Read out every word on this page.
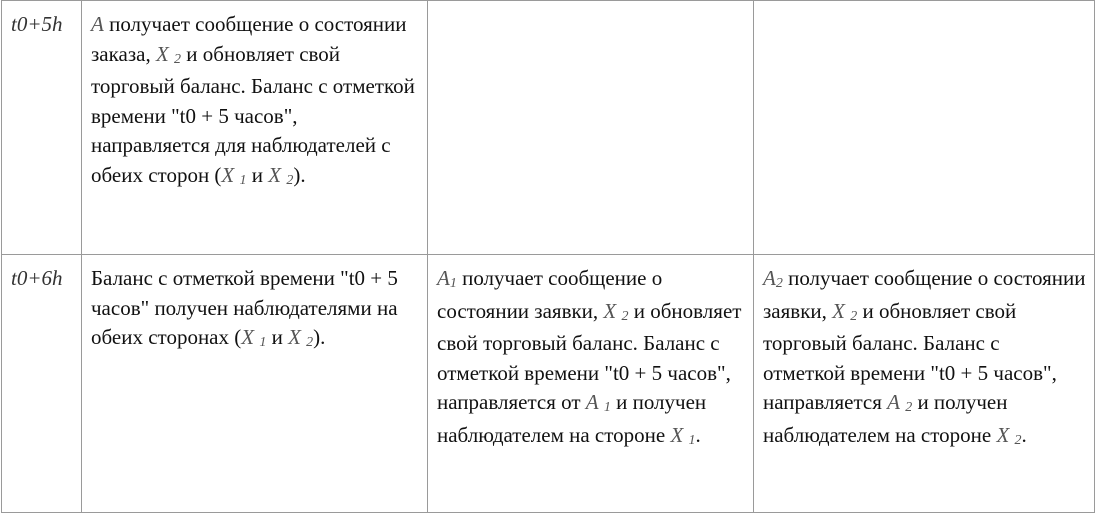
t0+5h	A получает сообщение о состоянии заказа, X 2 и обновляет свой торговый баланс. Баланс с отметкой времени "t0 + 5 часов", направляется для наблюдателей с обеих сторон (X 1 и X 2).		
t0+6h	Баланс с отметкой времени "t0 + 5 часов" получен наблюдателями на обеих сторонах (X 1 и X 2).	A1 получает сообщение о состоянии заявки, X 2 и обновляет свой торговый баланс. Баланс с отметкой времени "t0 + 5 часов", направляется от A 1 и получен наблюдателем на стороне X 1.	A2 получает сообщение о состоянии заявки, X 2 и обновляет свой торговый баланс. Баланс с отметкой времени "t0 + 5 часов", направляется A 2 и получен наблюдателем на стороне X 2.
